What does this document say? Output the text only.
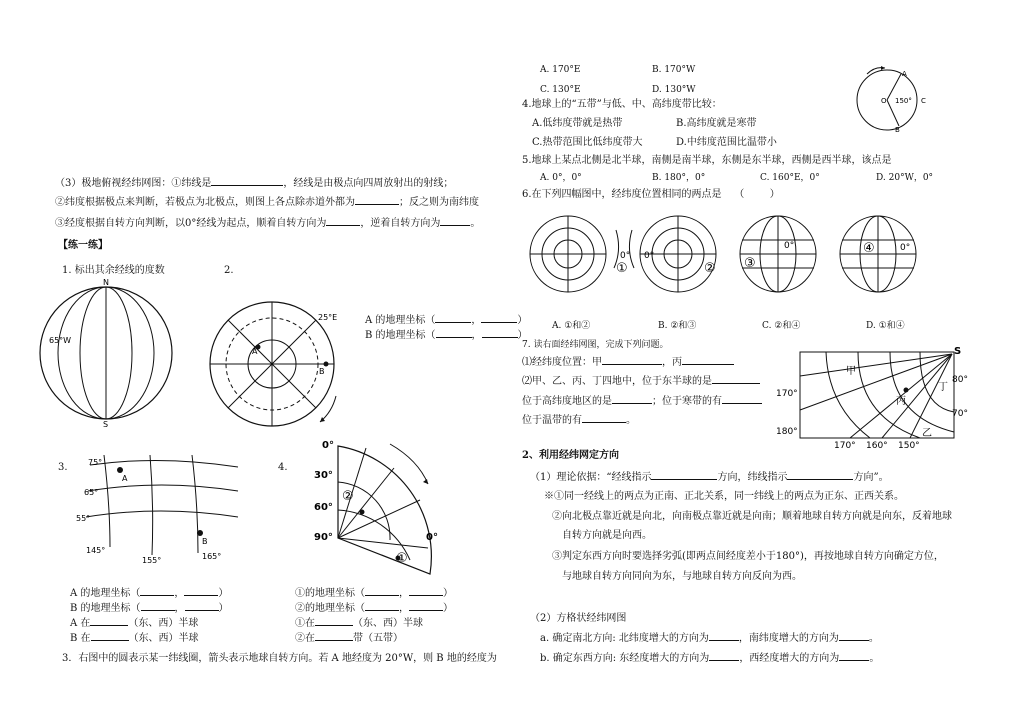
（3）极地俯视经纬网图：①纬线是	，经线是由极点向四周放射出的射线；
②纬度根据极点来判断，若极点为北极点，则图上各点除赤道外都为	；反之则为南纬度
③经度根据自转方向判断，以0°经线为起点，顺着自转方向为	，逆着自转方向为	。
【练一练】
1. 标出其余经线的度数	2.
N
S
65°W
A
B
25°E	A 的地理坐标（	，	）
B 的地理坐标（	，	）
3.	4.
A
B
75°
65°
55°
145°
155°	165°
0°
30°
60°
90°	0°
②
①
A 的地理坐标（	，	）
B 的地理坐标（	，	）
A 在	（东、西）半球
B 在	（东、西）半球
①的地理坐标（	，	）
②的地理坐标（	，	）
①在	（东、西）半球
②在	带（五带）
3．右图中的圆表示某一纬线圈，箭头表示地球自转方向。若 A 地经度为 20°W，则 B 地的经度为
A. 170°E	B. 170°W
C. 130°E	D. 130°W
O 150°
A
B
C
4.地球上的“五带”与低、中、高纬度带比较：
A.低纬度带就是热带	B.高纬度就是寒带
C.热带范围比低纬度带大	D.中纬度范围比温带小
5.地球上某点北侧是北半球，南侧是南半球，东侧是东半球，西侧是西半球，该点是
A. 0°，0°	B. 180°，0°	C. 160°E，0°	D. 20°W，0°
6.在下列四幅图中，经纬度位置相同的两点是 （        ）
0°
①
0°
②
0°
③
0°
④
A. ①和②	B. ②和③	C. ②和④	D. ①和④
7. 读右面经纬网图，完成下列问题。
⑴经纬度位置：甲	，丙
⑵甲、乙、丙、丁四地中，位于东半球的是
位于高纬度地区的是	；位于寒带的有
位于温带的有	。
S
甲
丙
丁
乙
80°
70°
170°
180°
170° 160° 150°
2、利用经纬网定方向
（1）理论依据：“经线指示	方向，纬线指示	方向”。
※①同一经线上的两点为正南、正北关系，同一纬线上的两点为正东、正西关系。
②向北极点靠近就是向北，向南极点靠近就是向南；顺着地球自转方向就是向东，反着地球
自转方向就是向西。
③判定东西方向时要选择劣弧(即两点间经度差小于180°)，再按地球自转方向确定方位，
与地球自转方向同向为东，与地球自转方向反向为西。
（2）方格状经纬网图
a. 确定南北方向: 北纬度增大的方向为	，南纬度增大的方向为	。
b. 确定东西方向: 东经度增大的方向为	，西经度增大的方向为	。
